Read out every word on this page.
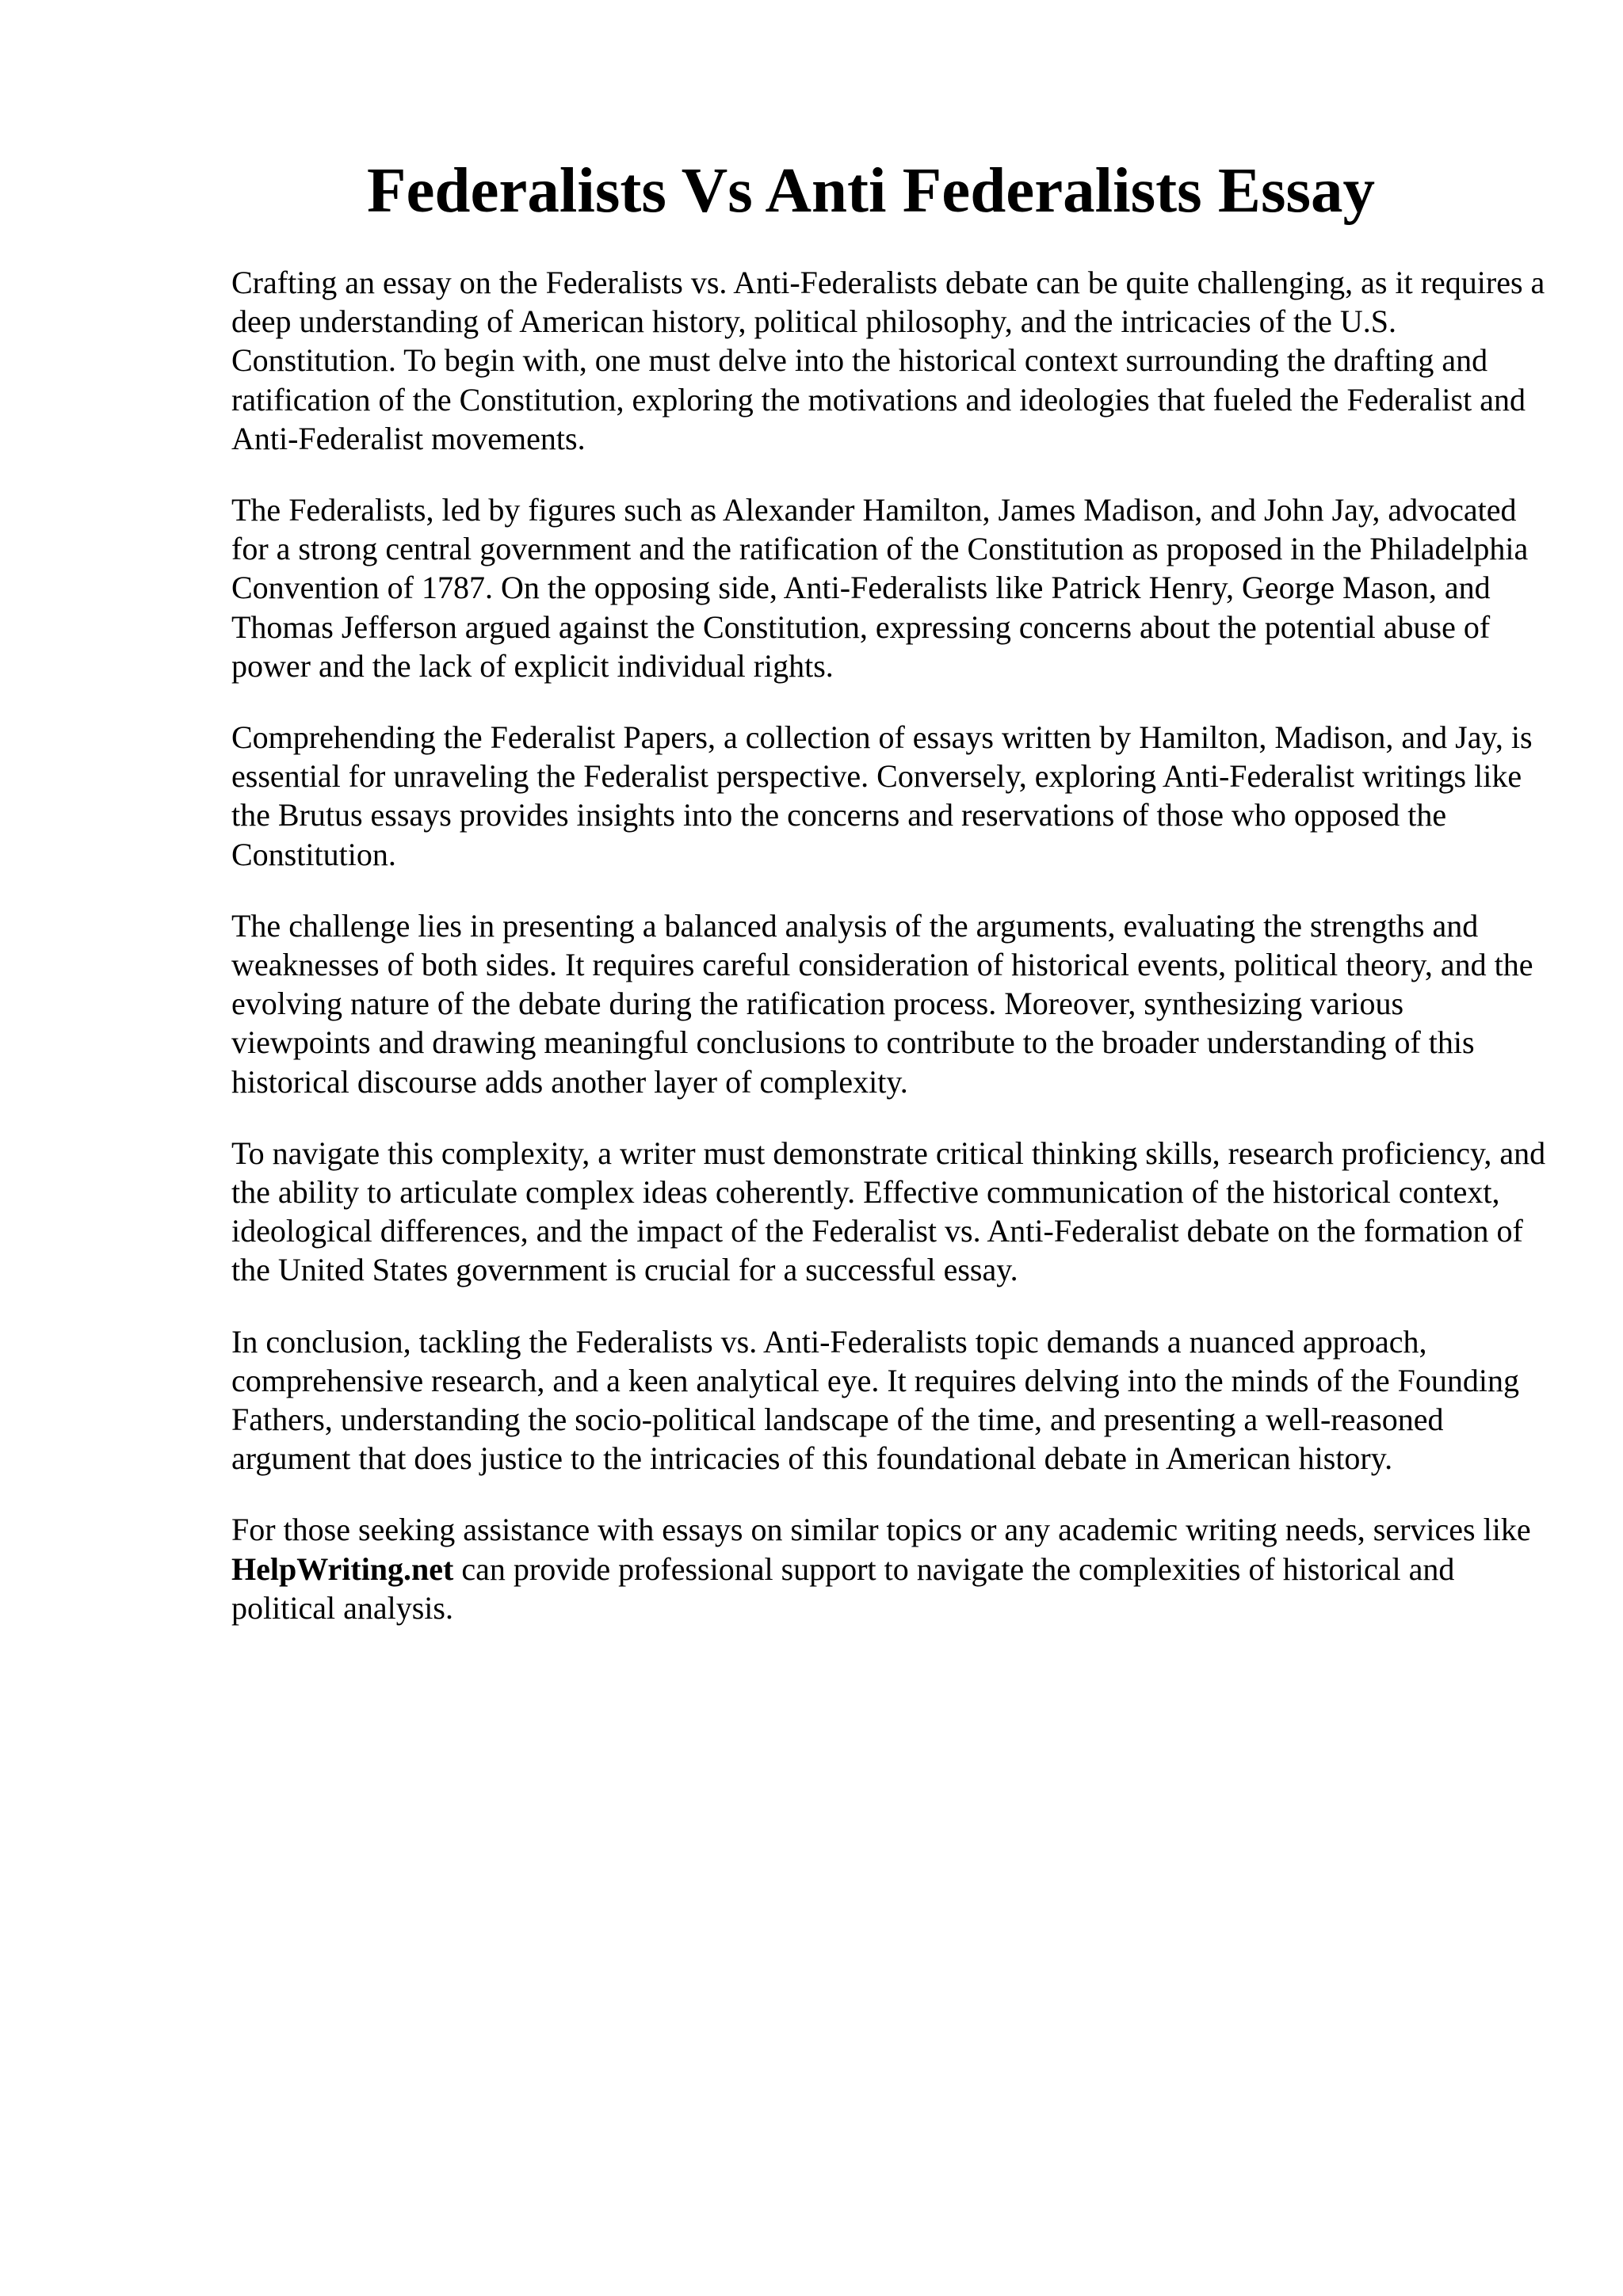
Federalists Vs Anti Federalists Essay

Crafting an essay on the Federalists vs. Anti-Federalists debate can be quite challenging, as it requires a deep understanding of American history, political philosophy, and the intricacies of the U.S. Constitution. To begin with, one must delve into the historical context surrounding the drafting and ratification of the Constitution, exploring the motivations and ideologies that fueled the Federalist and Anti-Federalist movements.

The Federalists, led by figures such as Alexander Hamilton, James Madison, and John Jay, advocated for a strong central government and the ratification of the Constitution as proposed in the Philadelphia Convention of 1787. On the opposing side, Anti-Federalists like Patrick Henry, George Mason, and Thomas Jefferson argued against the Constitution, expressing concerns about the potential abuse of power and the lack of explicit individual rights.

Comprehending the Federalist Papers, a collection of essays written by Hamilton, Madison, and Jay, is essential for unraveling the Federalist perspective. Conversely, exploring Anti-Federalist writings like the Brutus essays provides insights into the concerns and reservations of those who opposed the Constitution.

The challenge lies in presenting a balanced analysis of the arguments, evaluating the strengths and weaknesses of both sides. It requires careful consideration of historical events, political theory, and the evolving nature of the debate during the ratification process. Moreover, synthesizing various viewpoints and drawing meaningful conclusions to contribute to the broader understanding of this historical discourse adds another layer of complexity.

To navigate this complexity, a writer must demonstrate critical thinking skills, research proficiency, and the ability to articulate complex ideas coherently. Effective communication of the historical context, ideological differences, and the impact of the Federalist vs. Anti-Federalist debate on the formation of the United States government is crucial for a successful essay.

In conclusion, tackling the Federalists vs. Anti-Federalists topic demands a nuanced approach, comprehensive research, and a keen analytical eye. It requires delving into the minds of the Founding Fathers, understanding the socio-political landscape of the time, and presenting a well-reasoned argument that does justice to the intricacies of this foundational debate in American history.

For those seeking assistance with essays on similar topics or any academic writing needs, services like HelpWriting.net can provide professional support to navigate the complexities of historical and political analysis.
